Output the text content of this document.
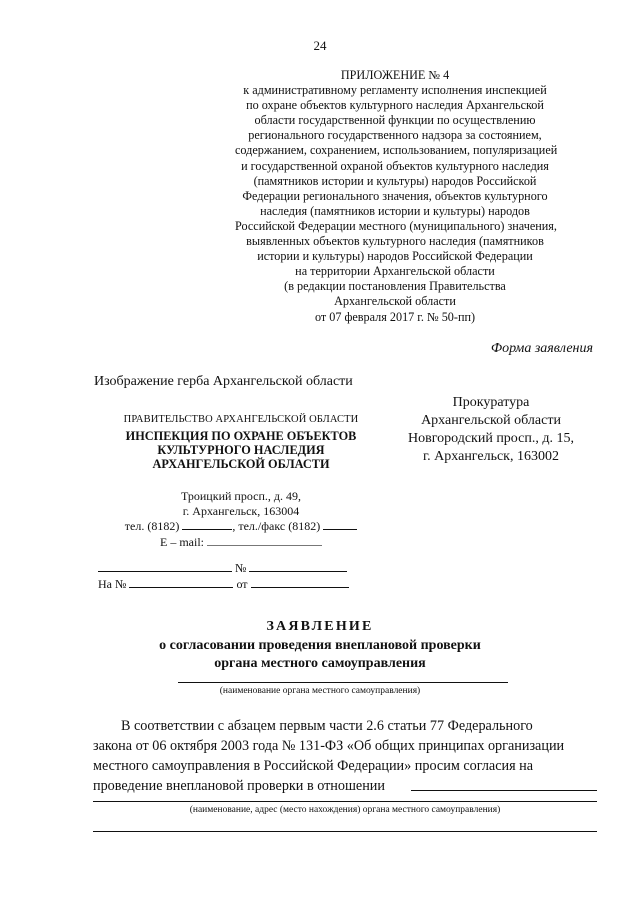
24
ПРИЛОЖЕНИЕ № 4
к административному регламенту исполнения инспекцией
по охране объектов культурного наследия Архангельской
области государственной функции по осуществлению
регионального государственного надзора за состоянием,
содержанием, сохранением, использованием, популяризацией
и государственной охраной объектов культурного наследия
(памятников истории и культуры) народов Российской
Федерации регионального значения, объектов культурного
наследия (памятников истории и культуры) народов
Российской Федерации местного (муниципального) значения,
выявленных объектов культурного наследия (памятников
истории и культуры) народов Российской Федерации
на территории Архангельской области
(в редакции постановления Правительства
Архангельской области
от 07 февраля 2017 г. № 50-пп)
Форма заявления
Изображение герба Архангельской области
ПРАВИТЕЛЬСТВО АРХАНГЕЛЬСКОЙ ОБЛАСТИ
ИНСПЕКЦИЯ ПО ОХРАНЕ ОБЪЕКТОВ
КУЛЬТУРНОГО НАСЛЕДИЯ
АРХАНГЕЛЬСКОЙ ОБЛАСТИ
Троицкий просп., д. 49,
г. Архангельск, 163004
тел. (8182)	, тел./факс (8182)
E – mail:
№
На №	от
Прокуратура
Архангельской области
Новгородский просп., д. 15,
г. Архангельск, 163002
ЗАЯВЛЕНИЕ
о согласовании проведения внеплановой проверки
органа местного самоуправления
(наименование органа местного самоуправления)
В соответствии с абзацем первым части 2.6 статьи 77 Федерального
закона от 06 октября 2003 года № 131-ФЗ «Об общих принципах организации
местного самоуправления в Российской Федерации» просим согласия на
проведение внеплановой проверки в отношении
(наименование, адрес (место нахождения) органа местного самоуправления)
